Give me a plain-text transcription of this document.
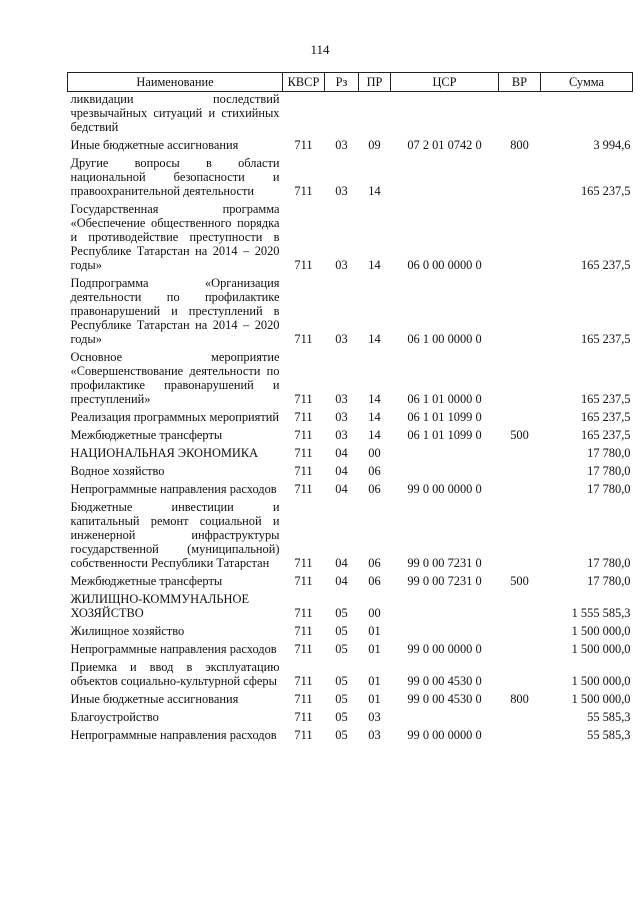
114
Наименование	КВСР	Рз	ПР	ЦСР	ВР	Сумма
ликвидации последствий чрезвычайных ситуаций и стихийных бедствий						
Иные бюджетные ассигнования	711	03	09	07 2 01 0742 0	800	3 994,6
Другие вопросы в области национальной безопасности и правоохранительной деятельности	711	03	14			165 237,5
Государственная программа «Обеспечение общественного порядка и противодействие преступности в Республике Татарстан на 2014 – 2020 годы»	711	03	14	06 0 00 0000 0		165 237,5
Подпрограмма «Организация деятельности по профилактике правонарушений и преступлений в Республике Татарстан на 2014 – 2020 годы»	711	03	14	06 1 00 0000 0		165 237,5
Основное мероприятие «Совершенствование деятельности по профилактике правонарушений и преступлений»	711	03	14	06 1 01 0000 0		165 237,5
Реализация программных мероприятий	711	03	14	06 1 01 1099 0		165 237,5
Межбюджетные трансферты	711	03	14	06 1 01 1099 0	500	165 237,5
НАЦИОНАЛЬНАЯ ЭКОНОМИКА	711	04	00			17 780,0
Водное хозяйство	711	04	06			17 780,0
Непрограммные направления расходов	711	04	06	99 0 00 0000 0		17 780,0
Бюджетные инвестиции и капитальный ремонт социальной и инженерной инфраструктуры государственной (муниципальной) собственности Республики Татарстан	711	04	06	99 0 00 7231 0		17 780,0
Межбюджетные трансферты	711	04	06	99 0 00 7231 0	500	17 780,0
ЖИЛИЩНО-КОММУНАЛЬНОЕ ХОЗЯЙСТВО	711	05	00			1 555 585,3
Жилищное хозяйство	711	05	01			1 500 000,0
Непрограммные направления расходов	711	05	01	99 0 00 0000 0		1 500 000,0
Приемка и ввод в эксплуатацию объектов социально-культурной сферы	711	05	01	99 0 00 4530 0		1 500 000,0
Иные бюджетные ассигнования	711	05	01	99 0 00 4530 0	800	1 500 000,0
Благоустройство	711	05	03			55 585,3
Непрограммные направления расходов	711	05	03	99 0 00 0000 0		55 585,3
